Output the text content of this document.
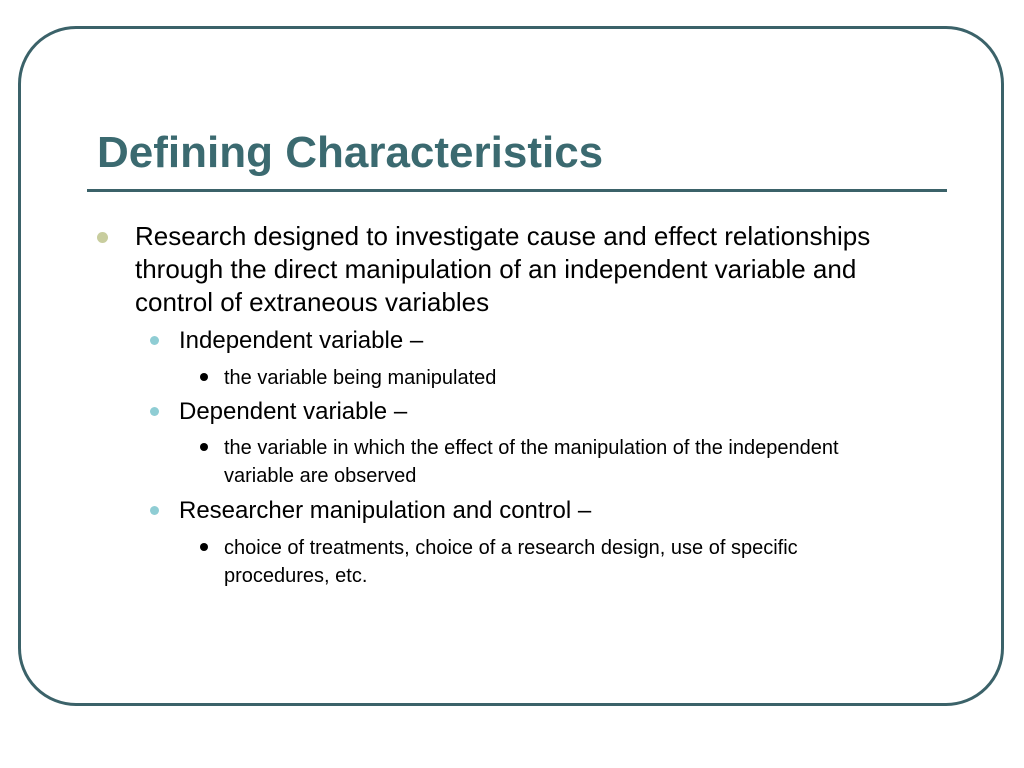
Defining Characteristics
Research designed to investigate cause and effect relationships through the direct manipulation of an independent variable and control of extraneous variables
Independent variable –
the variable being manipulated
Dependent variable –
the variable in which the effect of the manipulation of the independent variable are observed
Researcher manipulation and control –
choice of treatments, choice of a research design, use of specific procedures, etc.
